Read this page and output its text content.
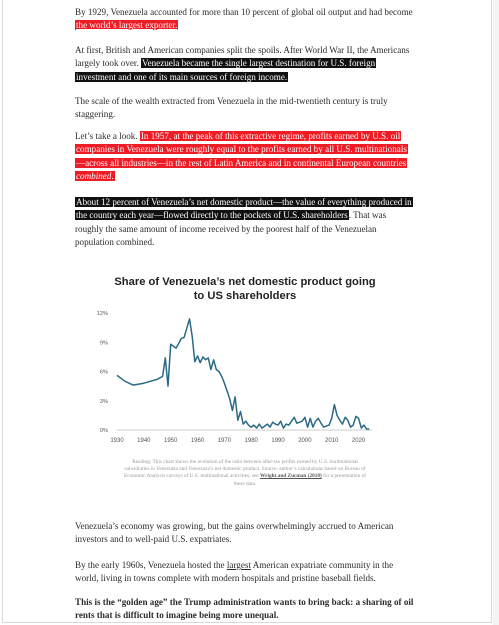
By 1929, Venezuela accounted for more than 10 percent of global oil output and had become the world’s largest exporter.

At first, British and American companies split the spoils. After World War II, the Americans largely took over. Venezuela became the single largest destination for U.S. foreign investment and one of its main sources of foreign income.

The scale of the wealth extracted from Venezuela in the mid-twentieth century is truly staggering.

Let’s take a look. In 1957, at the peak of this extractive regime, profits earned by U.S. oil companies in Venezuela were roughly equal to the profits earned by all U.S. multinationals—across all industries—in the rest of Latin America and in continental European countries combined.

About 12 percent of Venezuela’s net domestic product—the value of everything produced in the country each year—flowed directly to the pockets of U.S. shareholders. That was roughly the same amount of income received by the poorest half of the Venezuelan population combined.

Share of Venezuela’s net domestic product going
to US shareholders
0%
3%
6%
9%
12%
1930 1940 1950 1960 1970 1980 1990 2000 2010 2020
Reading: This chart shows the evolution of the ratio between after-tax profits earned by U.S. multinational subsidiaries in Venezuela and Venezuela’s net domestic product. Source: author’s calculations based on Bureau of Economic Analysis surveys of U.S. multinational activities; see Wright and Zucman (2018) for a presentation of these data.

Venezuela’s economy was growing, but the gains overwhelmingly accrued to American investors and to well-paid U.S. expatriates.

By the early 1960s, Venezuela hosted the largest American expatriate community in the world, living in towns complete with modern hospitals and pristine baseball fields.

This is the “golden age” the Trump administration wants to bring back: a sharing of oil rents that is difficult to imagine being more unequal.
